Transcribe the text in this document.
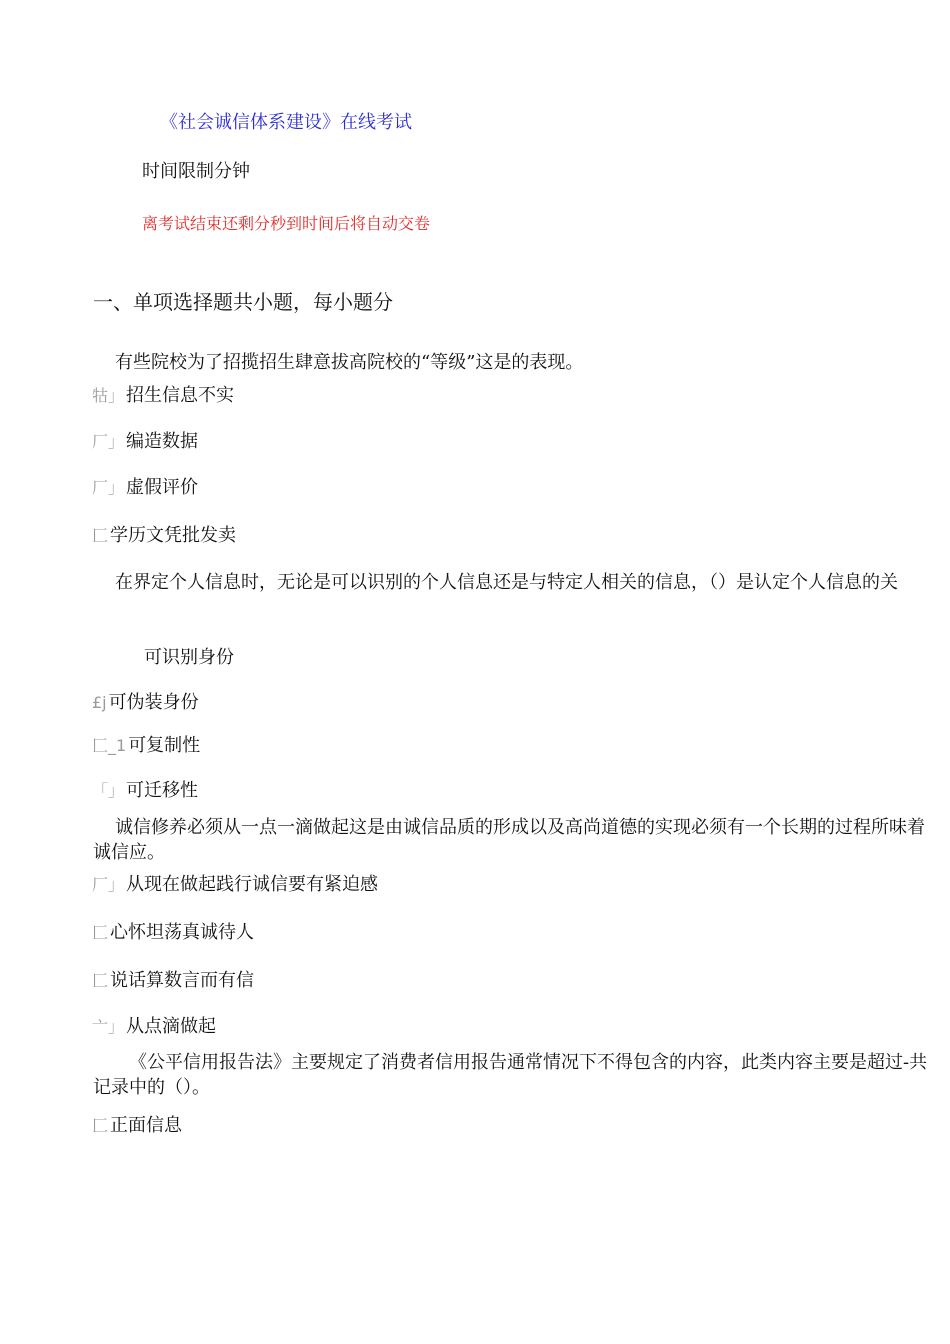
《社会诚信体系建设》在线考试
时间限制分钟
离考试结束还剩分秒到时间后将自动交卷
一、单项选择题共小题，每小题分
有些院校为了招揽招生肆意拔高院校的“等级”这是的表现。
牯」 招生信息不实
厂」 编造数据
厂」 虚假评价
匚 学历文凭批发卖
在界定个人信息时，无论是可以识别的个人信息还是与特定人相关的信息，（）是认定个人信息的关
可识别身份
£j 可伪装身份
匚_1 可复制性
「」 可迁移性
诚信修养必须从一点一滴做起这是由诚信品质的形成以及高尚道德的实现必须有一个长期的过程所味着诚信应。
厂」 从现在做起践行诚信要有紧迫感
匚 心怀坦荡真诚待人
匚 说话算数言而有信
亠」 从点滴做起
《公平信用报告法》主要规定了消费者信用报告通常情况下不得包含的内容，此类内容主要是超过-共记录中的（）。
匚 正面信息
